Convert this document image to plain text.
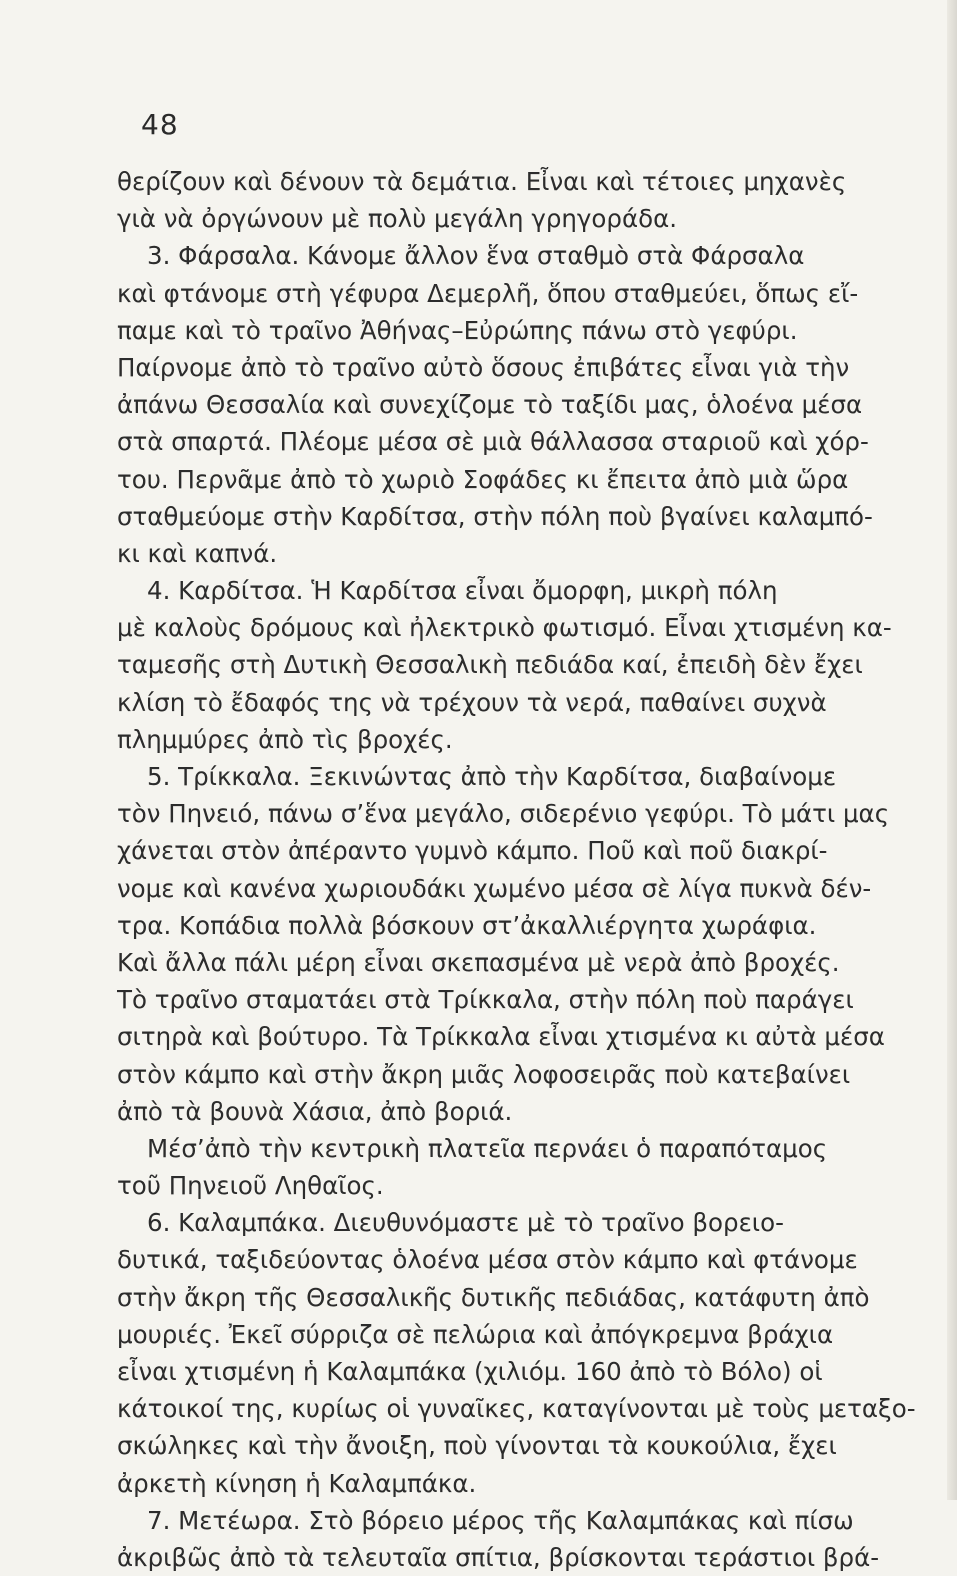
48
θερίζουν καὶ δένουν τὰ δεμάτια. Εἶναι καὶ τέτοιες μηχανὲς
γιὰ νὰ ὀργώνουν μὲ πολὺ μεγάλη γρηγοράδα.
3. Φάρσαλα. Κάνομε ἄλλον ἕνα σταθμὸ στὰ Φάρσαλα
καὶ φτάνομε στὴ γέφυρα Δεμερλῆ, ὅπου σταθμεύει, ὅπως εἴ-
παμε καὶ τὸ τραῖνο Ἀθήνας–Εὐρώπης πάνω στὸ γεφύρι.
Παίρνομε ἀπὸ τὸ τραῖνο αὐτὸ ὅσους ἐπιβάτες εἶναι γιὰ τὴν
ἀπάνω Θεσσαλία καὶ συνεχίζομε τὸ ταξίδι μας, ὁλοένα μέσα
στὰ σπαρτά. Πλέομε μέσα σὲ μιὰ θάλλασσα σταριοῦ καὶ χόρ-
του. Περνᾶμε ἀπὸ τὸ χωριὸ Σοφάδες κι ἔπειτα ἀπὸ μιὰ ὥρα
σταθμεύομε στὴν Καρδίτσα, στὴν πόλη ποὺ βγαίνει καλαμπό-
κι καὶ καπνά.
4. Καρδίτσα. Ἡ Καρδίτσα εἶναι ὄμορφη, μικρὴ πόλη
μὲ καλοὺς δρόμους καὶ ἠλεκτρικὸ φωτισμό. Εἶναι χτισμένη κα-
ταμεσῆς στὴ Δυτικὴ Θεσσαλικὴ πεδιάδα καί, ἐπειδὴ δὲν ἔχει
κλίση τὸ ἔδαφός της νὰ τρέχουν τὰ νερά, παθαίνει συχνὰ
πλημμύρες ἀπὸ τὶς βροχές.
5. Τρίκκαλα. Ξεκινώντας ἀπὸ τὴν Καρδίτσα, διαβαίνομε
τὸν Πηνειό, πάνω σ’ἕνα μεγάλο, σιδερένιο γεφύρι. Τὸ μάτι μας
χάνεται στὸν ἀπέραντο γυμνὸ κάμπο. Ποῦ καὶ ποῦ διακρί-
νομε καὶ κανένα χωριουδάκι χωμένο μέσα σὲ λίγα πυκνὰ δέν-
τρα. Κοπάδια πολλὰ βόσκουν στ’ἀκαλλιέργητα χωράφια.
Καὶ ἄλλα πάλι μέρη εἶναι σκεπασμένα μὲ νερὰ ἀπὸ βροχές.
Τὸ τραῖνο σταματάει στὰ Τρίκκαλα, στὴν πόλη ποὺ παράγει
σιτηρὰ καὶ βούτυρο. Τὰ Τρίκκαλα εἶναι χτισμένα κι αὐτὰ μέσα
στὸν κάμπο καὶ στὴν ἄκρη μιᾶς λοφοσειρᾶς ποὺ κατεβαίνει
ἀπὸ τὰ βουνὰ Χάσια, ἀπὸ βοριά.
Μέσ’ἀπὸ τὴν κεντρικὴ πλατεῖα περνάει ὁ παραπόταμος
τοῦ Πηνειοῦ Ληθαῖος.
6. Καλαμπάκα. Διευθυνόμαστε μὲ τὸ τραῖνο βορειο-
δυτικά, ταξιδεύοντας ὁλοένα μέσα στὸν κάμπο καὶ φτάνομε
στὴν ἄκρη τῆς Θεσσαλικῆς δυτικῆς πεδιάδας, κατάφυτη ἀπὸ
μουριές. Ἐκεῖ σύρριζα σὲ πελώρια καὶ ἀπόγκρεμνα βράχια
εἶναι χτισμένη ἡ Καλαμπάκα (χιλιόμ. 160 ἀπὸ τὸ Βόλο) οἱ
κάτοικοί της, κυρίως οἱ γυναῖκες, καταγίνονται μὲ τοὺς μεταξο-
σκώληκες καὶ τὴν ἄνοιξη, ποὺ γίνονται τὰ κουκούλια, ἔχει
ἀρκετὴ κίνηση ἡ Καλαμπάκα.
7. Μετέωρα. Στὸ βόρειο μέρος τῆς Καλαμπάκας καὶ πίσω
ἀκριβῶς ἀπὸ τὰ τελευταῖα σπίτια, βρίσκονται τεράστιοι βρά-
